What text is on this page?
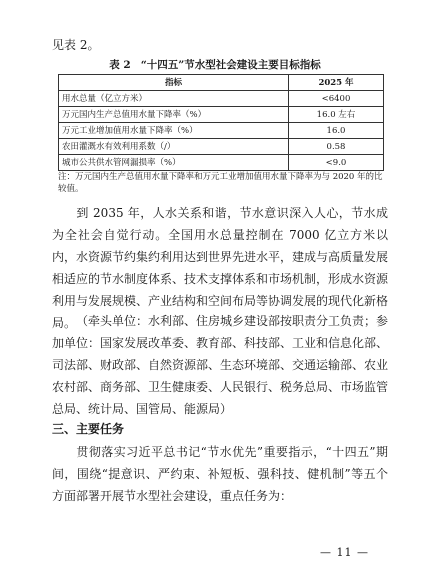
见表 2。
表 2 “十四五”节水型社会建设主要目标指标
指标	2025 年
用水总量（亿立方米）	<6400
万元国内生产总值用水量下降率（%）	16.0 左右
万元工业增加值用水量下降率（%）	16.0
农田灌溉水有效利用系数（/）	0.58
城市公共供水管网漏损率（%）	<9.0
注：万元国内生产总值用水量下降率和万元工业增加值用水量下降率为与 2020 年的比较值。

到 2035 年，人水关系和谐，节水意识深入人心，节水成为全社会自觉行动。全国用水总量控制在 7000 亿立方米以内，水资源节约集约利用达到世界先进水平，建成与高质量发展相适应的节水制度体系、技术支撑体系和市场机制，形成水资源利用与发展规模、产业结构和空间布局等协调发展的现代化新格局。 （牵头单位：水利部、住房城乡建设部按职责分工负责；参加单位：国家发展改革委、教育部、科技部、工业和信息化部、司法部、财政部、自然资源部、生态环境部、交通运输部、农业农村部、商务部、卫生健康委、人民银行、税务总局、市场监管总局、统计局、国管局、能源局）

三、主要任务

贯彻落实习近平总书记“节水优先”重要指示，“十四五”期间，围绕“提意识、严约束、补短板、强科技、健机制”等五个方面部署开展节水型社会建设，重点任务为：

— 11 —
